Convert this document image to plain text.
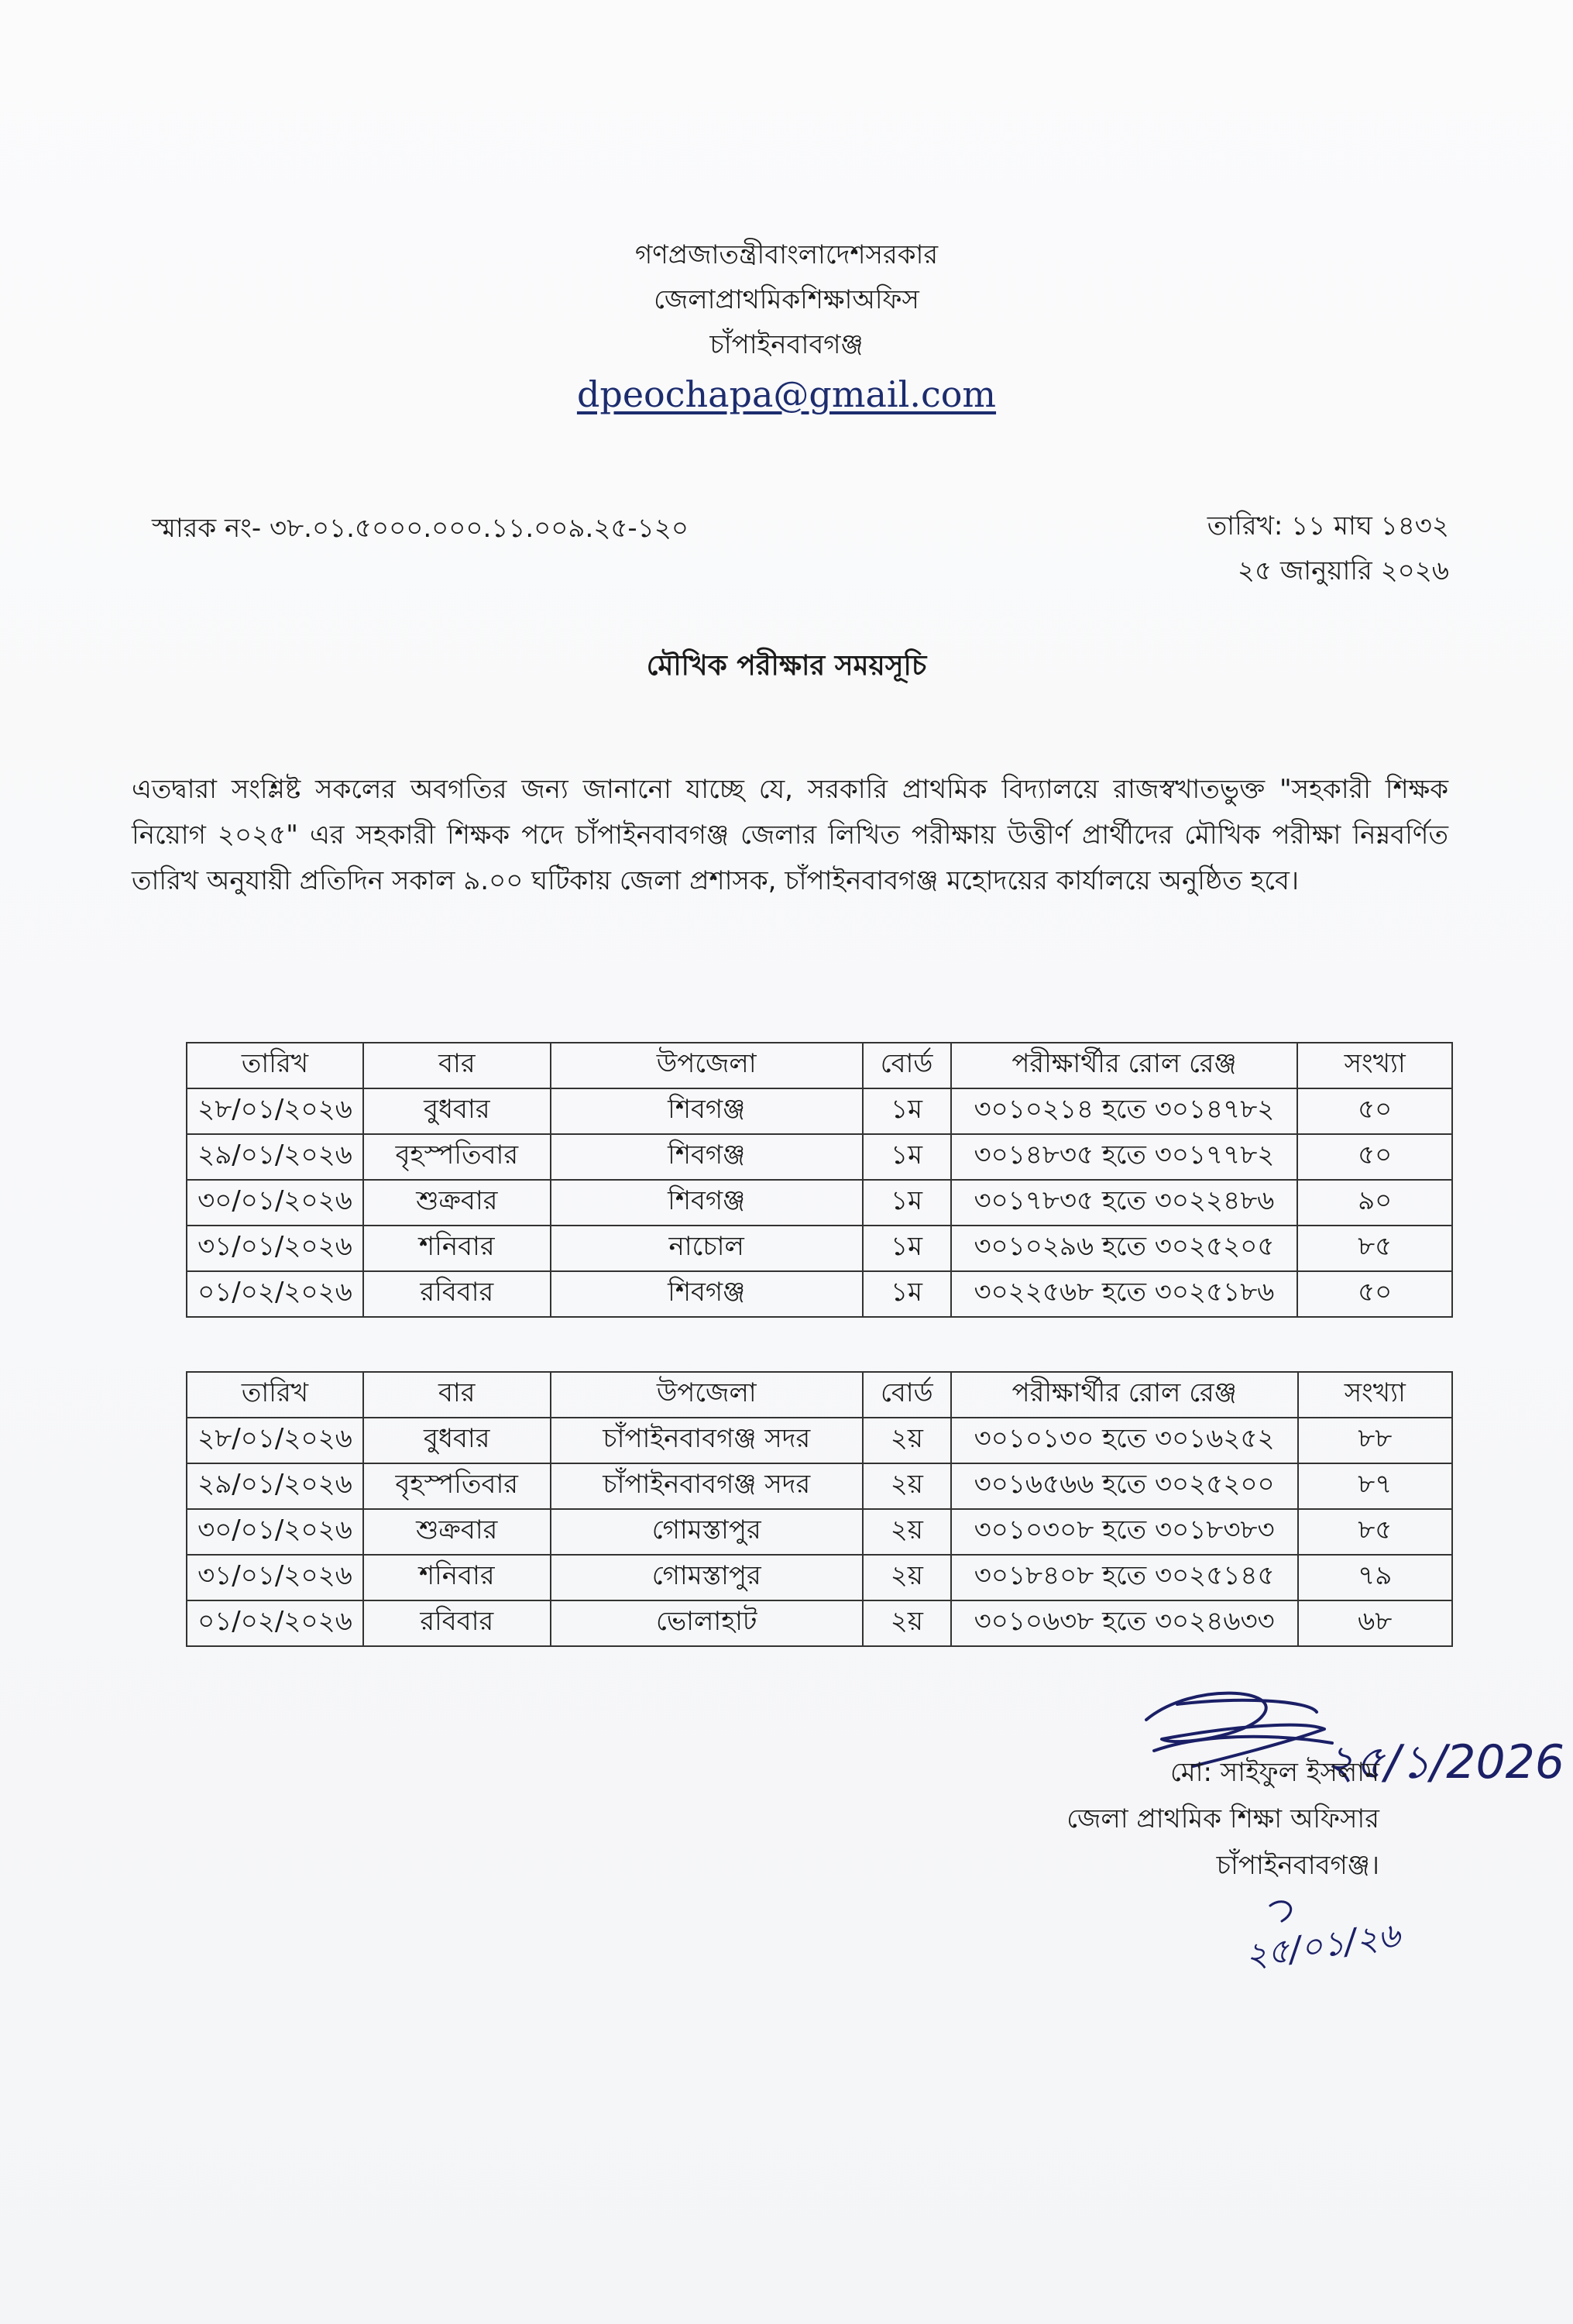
গণপ্রজাতন্ত্রীবাংলাদেশসরকার
জেলাপ্রাথমিকশিক্ষাঅফিস
চাঁপাইনবাবগঞ্জ
dpeochapa@gmail.com
স্মারক নং- ৩৮.০১.৫০০০.০০০.১১.০০৯.২৫-১২০	তারিখ: ১১ মাঘ ১৪৩২
২৫ জানুয়ারি ২০২৬
মৌখিক পরীক্ষার সময়সূচি
এতদ্বারা সংশ্লিষ্ট সকলের অবগতির জন্য জানানো যাচ্ছে যে, সরকারি প্রাথমিক বিদ্যালয়ে রাজস্বখাতভুক্ত "সহকারী শিক্ষক নিয়োগ ২০২৫" এর সহকারী শিক্ষক পদে চাঁপাইনবাবগঞ্জ জেলার লিখিত পরীক্ষায় উত্তীর্ণ প্রার্থীদের মৌখিক পরীক্ষা নিম্নবর্ণিত তারিখ অনুযায়ী প্রতিদিন সকাল ৯.০০ ঘটিকায় জেলা প্রশাসক, চাঁপাইনবাবগঞ্জ মহোদয়ের কার্যালয়ে অনুষ্ঠিত হবে।
তারিখ	বার	উপজেলা	বোর্ড	পরীক্ষার্থীর রোল রেঞ্জ	সংখ্যা
২৮/০১/২০২৬	বুধবার	শিবগঞ্জ	১ম	৩০১০২১৪ হতে ৩০১৪৭৮২	৫০
২৯/০১/২০২৬	বৃহস্পতিবার	শিবগঞ্জ	১ম	৩০১৪৮৩৫ হতে ৩০১৭৭৮২	৫০
৩০/০১/২০২৬	শুক্রবার	শিবগঞ্জ	১ম	৩০১৭৮৩৫ হতে ৩০২২৪৮৬	৯০
৩১/০১/২০২৬	শনিবার	নাচোল	১ম	৩০১০২৯৬ হতে ৩০২৫২০৫	৮৫
০১/০২/২০২৬	রবিবার	শিবগঞ্জ	১ম	৩০২২৫৬৮ হতে ৩০২৫১৮৬	৫০
তারিখ	বার	উপজেলা	বোর্ড	পরীক্ষার্থীর রোল রেঞ্জ	সংখ্যা
২৮/০১/২০২৬	বুধবার	চাঁপাইনবাবগঞ্জ সদর	২য়	৩০১০১৩০ হতে ৩০১৬২৫২	৮৮
২৯/০১/২০২৬	বৃহস্পতিবার	চাঁপাইনবাবগঞ্জ সদর	২য়	৩০১৬৫৬৬ হতে ৩০২৫২০০	৮৭
৩০/০১/২০২৬	শুক্রবার	গোমস্তাপুর	২য়	৩০১০৩০৮ হতে ৩০১৮৩৮৩	৮৫
৩১/০১/২০২৬	শনিবার	গোমস্তাপুর	২য়	৩০১৮৪০৮ হতে ৩০২৫১৪৫	৭৯
০১/০২/২০২৬	রবিবার	ভোলাহাট	২য়	৩০১০৬৩৮ হতে ৩০২৪৬৩৩	৬৮
২৫/১/2026
মো: সাইফুল ইসলাম
জেলা প্রাথমিক শিক্ষা অফিসার
চাঁপাইনবাবগঞ্জ।
২৫/০১/২৬
